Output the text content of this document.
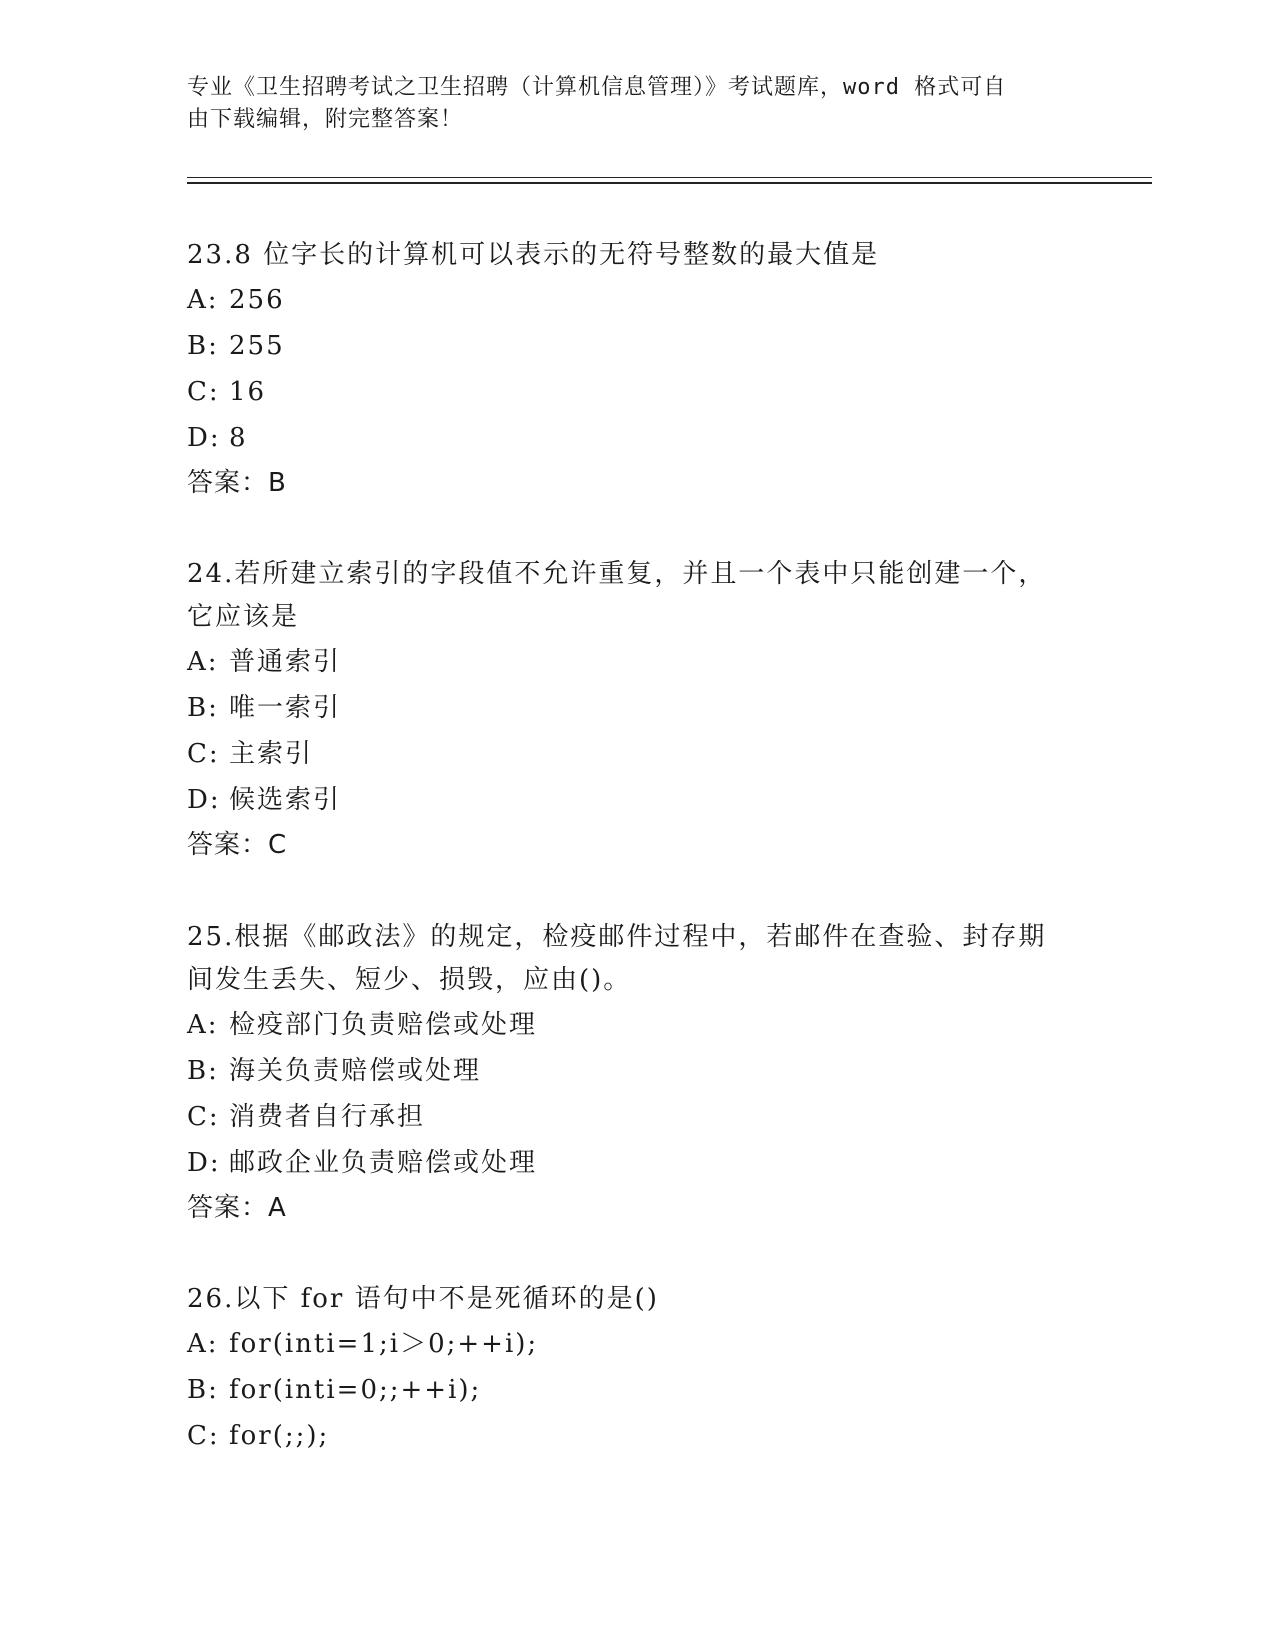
专业《卫生招聘考试之卫生招聘（计算机信息管理）》考试题库，word 格式可自
由下载编辑，附完整答案！

23.8 位字长的计算机可以表示的无符号整数的最大值是

A: 256

B: 255

C: 16

D: 8

答案：B

24.若所建立索引的字段值不允许重复，并且一个表中只能创建一个，

它应该是

A: 普通索引

B: 唯一索引

C: 主索引

D: 候选索引

答案：C

25.根据《邮政法》的规定，检疫邮件过程中，若邮件在查验、封存期

间发生丢失、短少、损毁，应由()。

A: 检疫部门负责赔偿或处理

B: 海关负责赔偿或处理

C: 消费者自行承担

D: 邮政企业负责赔偿或处理

答案：A

26.以下 for 语句中不是死循环的是()

A: for(inti=1;i＞0;++i);

B: for(inti=0;;++i);

C: for(;;);
